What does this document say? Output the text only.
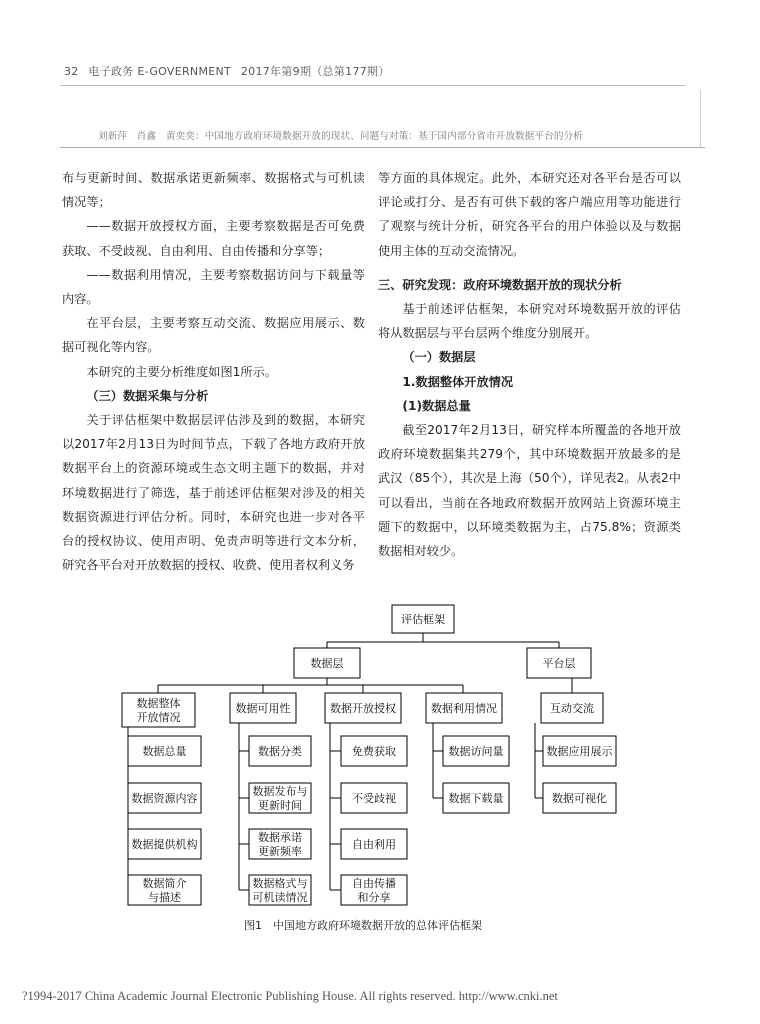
32 电子政务 E-GOVERNMENT 2017年第9期（总第177期）
刘新萍　肖鑫　黄奕奕：中国地方政府环境数据开放的现状、问题与对策：基于国内部分省市开放数据平台的分析

布与更新时间、数据承诺更新频率、数据格式与可机读情况等；

——数据开放授权方面，主要考察数据是否可免费获取、不受歧视、自由利用、自由传播和分享等；

——数据利用情况，主要考察数据访问与下载量等内容。

在平台层，主要考察互动交流、数据应用展示、数据可视化等内容。

本研究的主要分析维度如图1所示。

（三）数据采集与分析

关于评估框架中数据层评估涉及到的数据，本研究以2017年2月13日为时间节点，下载了各地方政府开放数据平台上的资源环境或生态文明主题下的数据，并对环境数据进行了筛选，基于前述评估框架对涉及的相关数据资源进行评估分析。同时，本研究也进一步对各平台的授权协议、使用声明、免责声明等进行文本分析，研究各平台对开放数据的授权、收费、使用者权利义务

等方面的具体规定。此外，本研究还对各平台是否可以评论或打分、是否有可供下载的客户端应用等功能进行了观察与统计分析，研究各平台的用户体验以及与数据使用主体的互动交流情况。

三、研究发现：政府环境数据开放的现状分析

基于前述评估框架，本研究对环境数据开放的评估将从数据层与平台层两个维度分别展开。

（一）数据层

1.数据整体开放情况

(1)数据总量

截至2017年2月13日，研究样本所覆盖的各地开放政府环境数据集共279个，其中环境数据开放最多的是武汉（85个），其次是上海（50个），详见表2。从表2中可以看出，当前在各地政府数据开放网站上资源环境主题下的数据中，以环境类数据为主，占75.8%；资源类数据相对较少。

评估框架
数据层	平台层
数据整体
开放情况
数据可用性	数据开放授权	数据利用情况	互动交流
数据总量
数据资源内容
数据提供机构
数据简介
与描述
数据分类
数据发布与
更新时间
数据承诺
更新频率
数据格式与
可机读情况
免费获取
不受歧视
自由利用
自由传播
和分享
数据访问量
数据下载量
数据应用展示
数据可视化
图1　中国地方政府环境数据开放的总体评估框架
?1994-2017 China Academic Journal Electronic Publishing House. All rights reserved. http://www.cnki.net
